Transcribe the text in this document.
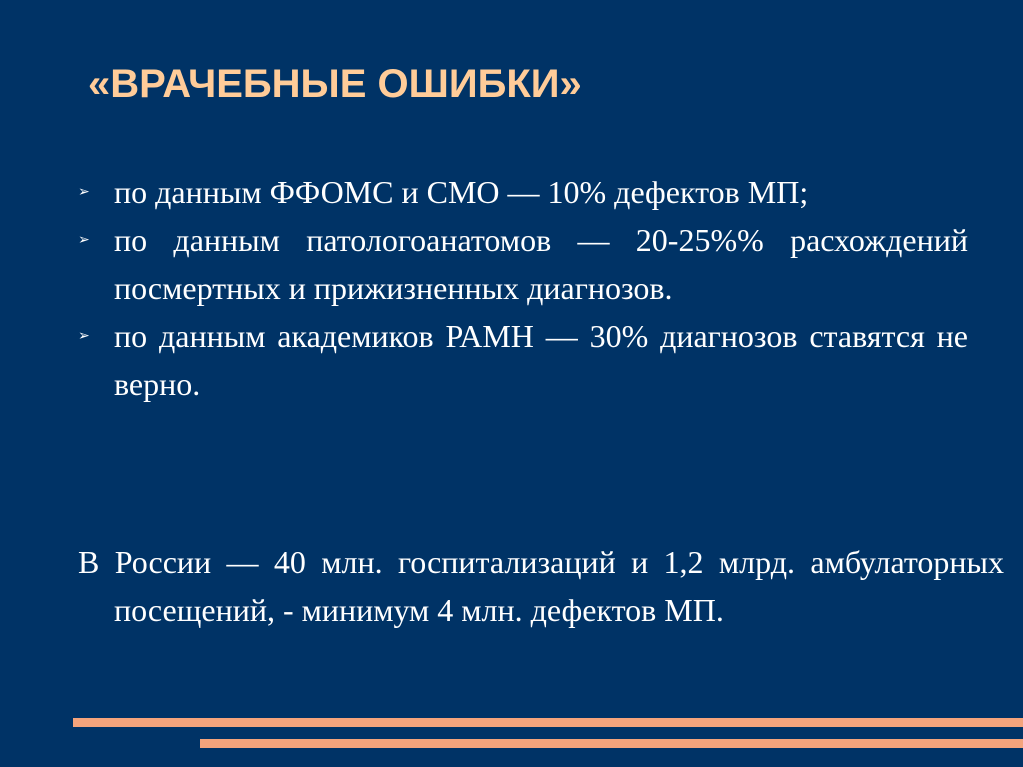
«ВРАЧЕБНЫЕ ОШИБКИ»
➢ по данным ФФОМС и СМО — 10% дефектов МП;
➢ по данным патологоанатомов — 20-25%% расхождений посмертных и прижизненных диагнозов.
➢ по данным академиков РАМН — 30% диагнозов ставятся не верно.

В России — 40 млн. госпитализаций и 1,2 млрд. амбулаторных посещений, - минимум 4 млн. дефектов МП.
